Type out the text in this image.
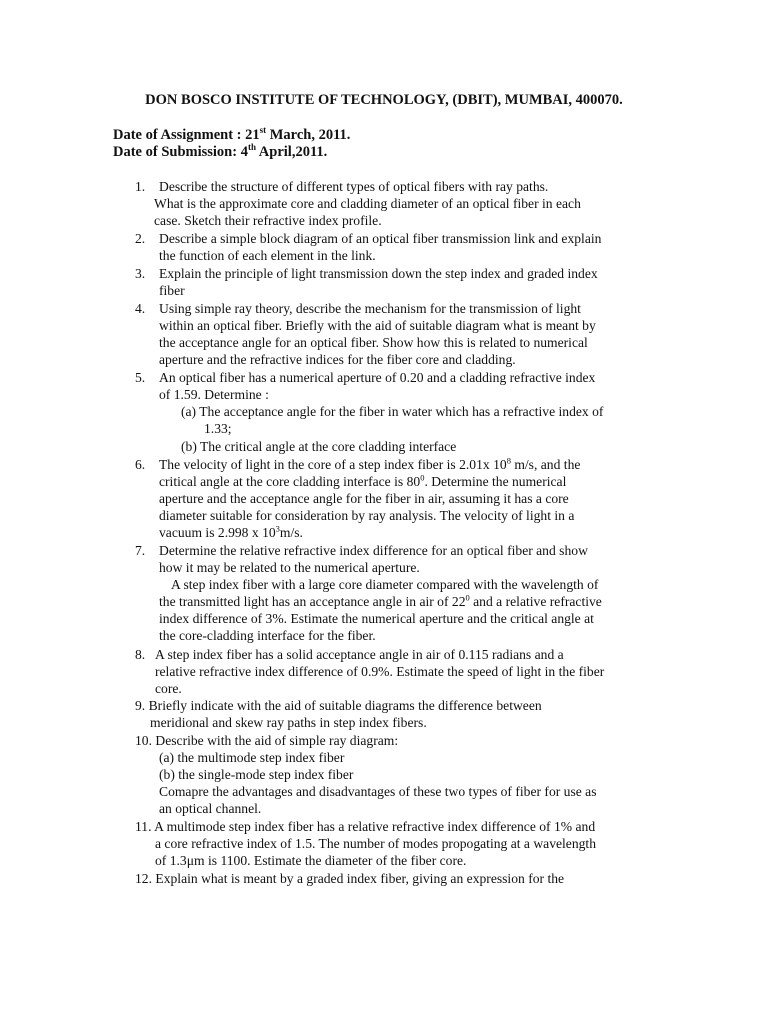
DON BOSCO INSTITUTE OF TECHNOLOGY, (DBIT), MUMBAI, 400070.
Date of Assignment : 21st March, 2011.
Date of Submission: 4th April,2011.
1. Describe the structure of different types of optical fibers with ray paths.
What is the approximate core and cladding diameter of an optical fiber in each
case. Sketch their refractive index profile.
2. Describe a simple block diagram of an optical fiber transmission link and explain
the function of each element in the link.
3. Explain the principle of light transmission down the step index and graded index
fiber
4. Using simple ray theory, describe the mechanism for the transmission of light
within an optical fiber. Briefly with the aid of suitable diagram what is meant by
the acceptance angle for an optical fiber. Show how this is related to numerical
aperture and the refractive indices for the fiber core and cladding.
5. An optical fiber has a numerical aperture of 0.20 and a cladding refractive index
of 1.59. Determine :
(a) The acceptance angle for the fiber in water which has a refractive index of
1.33;
(b) The critical angle at the core cladding interface
6. The velocity of light in the core of a step index fiber is 2.01x $10^8$ m/s, and the
critical angle at the core cladding interface is $80^0$. Determine the numerical
aperture and the acceptance angle for the fiber in air, assuming it has a core
diameter suitable for consideration by ray analysis. The velocity of light in a
vacuum is 2.998 x $10^3m/s$.
7. Determine the relative refractive index difference for an optical fiber and show
how it may be related to the numerical aperture.
A step index fiber with a large core diameter compared with the wavelength of
the transmitted light has an acceptance angle in air of $22^0$ and a relative refractive
index difference of 3%. Estimate the numerical aperture and the critical angle at
the core-cladding interface for the fiber.
8. A step index fiber has a solid acceptance angle in air of 0.115 radians and a
relative refractive index difference of 0.9%. Estimate the speed of light in the fiber
core.
9. Briefly indicate with the aid of suitable diagrams the difference between
meridional and skew ray paths in step index fibers.
10. Describe with the aid of simple ray diagram:
(a) the multimode step index fiber
(b) the single-mode step index fiber
Comapre the advantages and disadvantages of these two types of fiber for use as
an optical channel.
11. A multimode step index fiber has a relative refractive index difference of 1% and
a core refractive index of 1.5. The number of modes propogating at a wavelength
of 1.3μm is 1100. Estimate the diameter of the fiber core.
12. Explain what is meant by a graded index fiber, giving an expression for the
